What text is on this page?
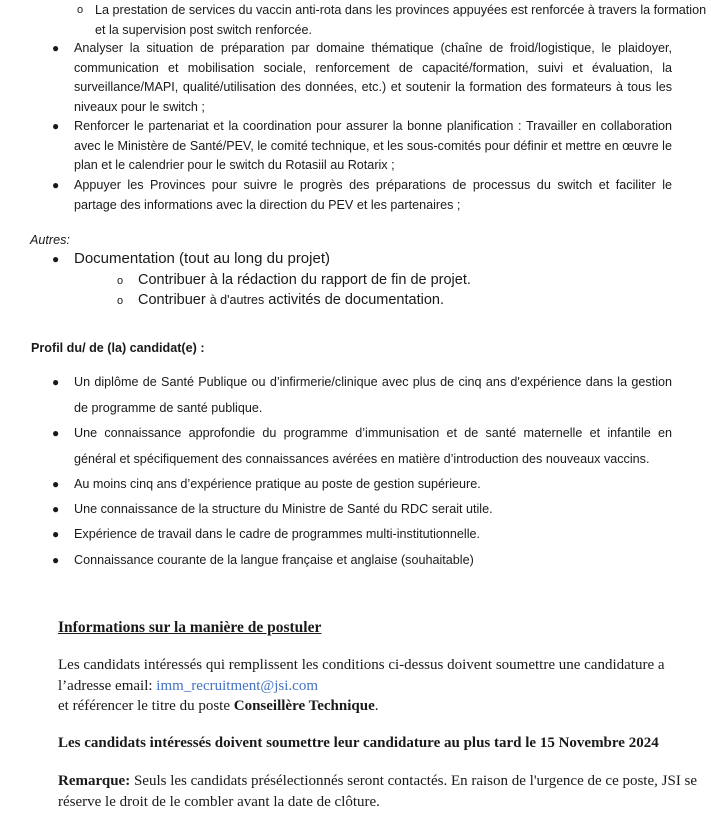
o La prestation de services du vaccin anti-rota dans les provinces appuyées est renforcée à travers la formation
et la supervision post switch renforcée.
● Analyser la situation de préparation par domaine thématique (chaîne de froid/logistique, le plaidoyer, communication et mobilisation sociale, renforcement de capacité/formation, suivi et évaluation, la surveillance/MAPI, qualité/utilisation des données, etc.) et soutenir la formation des formateurs à tous les niveaux pour le switch ;
● Renforcer le partenariat et la coordination pour assurer la bonne planification : Travailler en collaboration avec le Ministère de Santé/PEV, le comité technique, et les sous-comités pour définir et mettre en œuvre le plan et le calendrier pour le switch du Rotasiil au Rotarix ;
● Appuyer les Provinces pour suivre le progrès des préparations de processus du switch et faciliter le partage des informations avec la direction du PEV et les partenaires ;
Autres:
● Documentation (tout au long du projet)
o Contribuer à la rédaction du rapport de fin de projet.
o Contribuer à d'autres activités de documentation.
Profil du/ de (la) candidat(e) :
● Un diplôme de Santé Publique ou d’infirmerie/clinique avec plus de cinq ans d'expérience dans la gestion de programme de santé publique.
● Une connaissance approfondie du programme d’immunisation et de santé maternelle et infantile en général et spécifiquement des connaissances avérées en matière d’introduction des nouveaux vaccins.
● Au moins cinq ans d’expérience pratique au poste de gestion supérieure.
● Une connaissance de la structure du Ministre de Santé du RDC serait utile.
● Expérience de travail dans le cadre de programmes multi-institutionnelle.
● Connaissance courante de la langue française et anglaise (souhaitable)
Informations sur la manière de postuler
Les candidats intéressés qui remplissent les conditions ci-dessus doivent soumettre une candidature a
l’adresse email: imm_recruitment@jsi.com
et référencer le titre du poste Conseillère Technique.
Les candidats intéressés doivent soumettre leur candidature au plus tard le 15 Novembre 2024
Remarque: Seuls les candidats présélectionnés seront contactés. En raison de l'urgence de ce poste, JSI se
réserve le droit de le combler avant la date de clôture.
